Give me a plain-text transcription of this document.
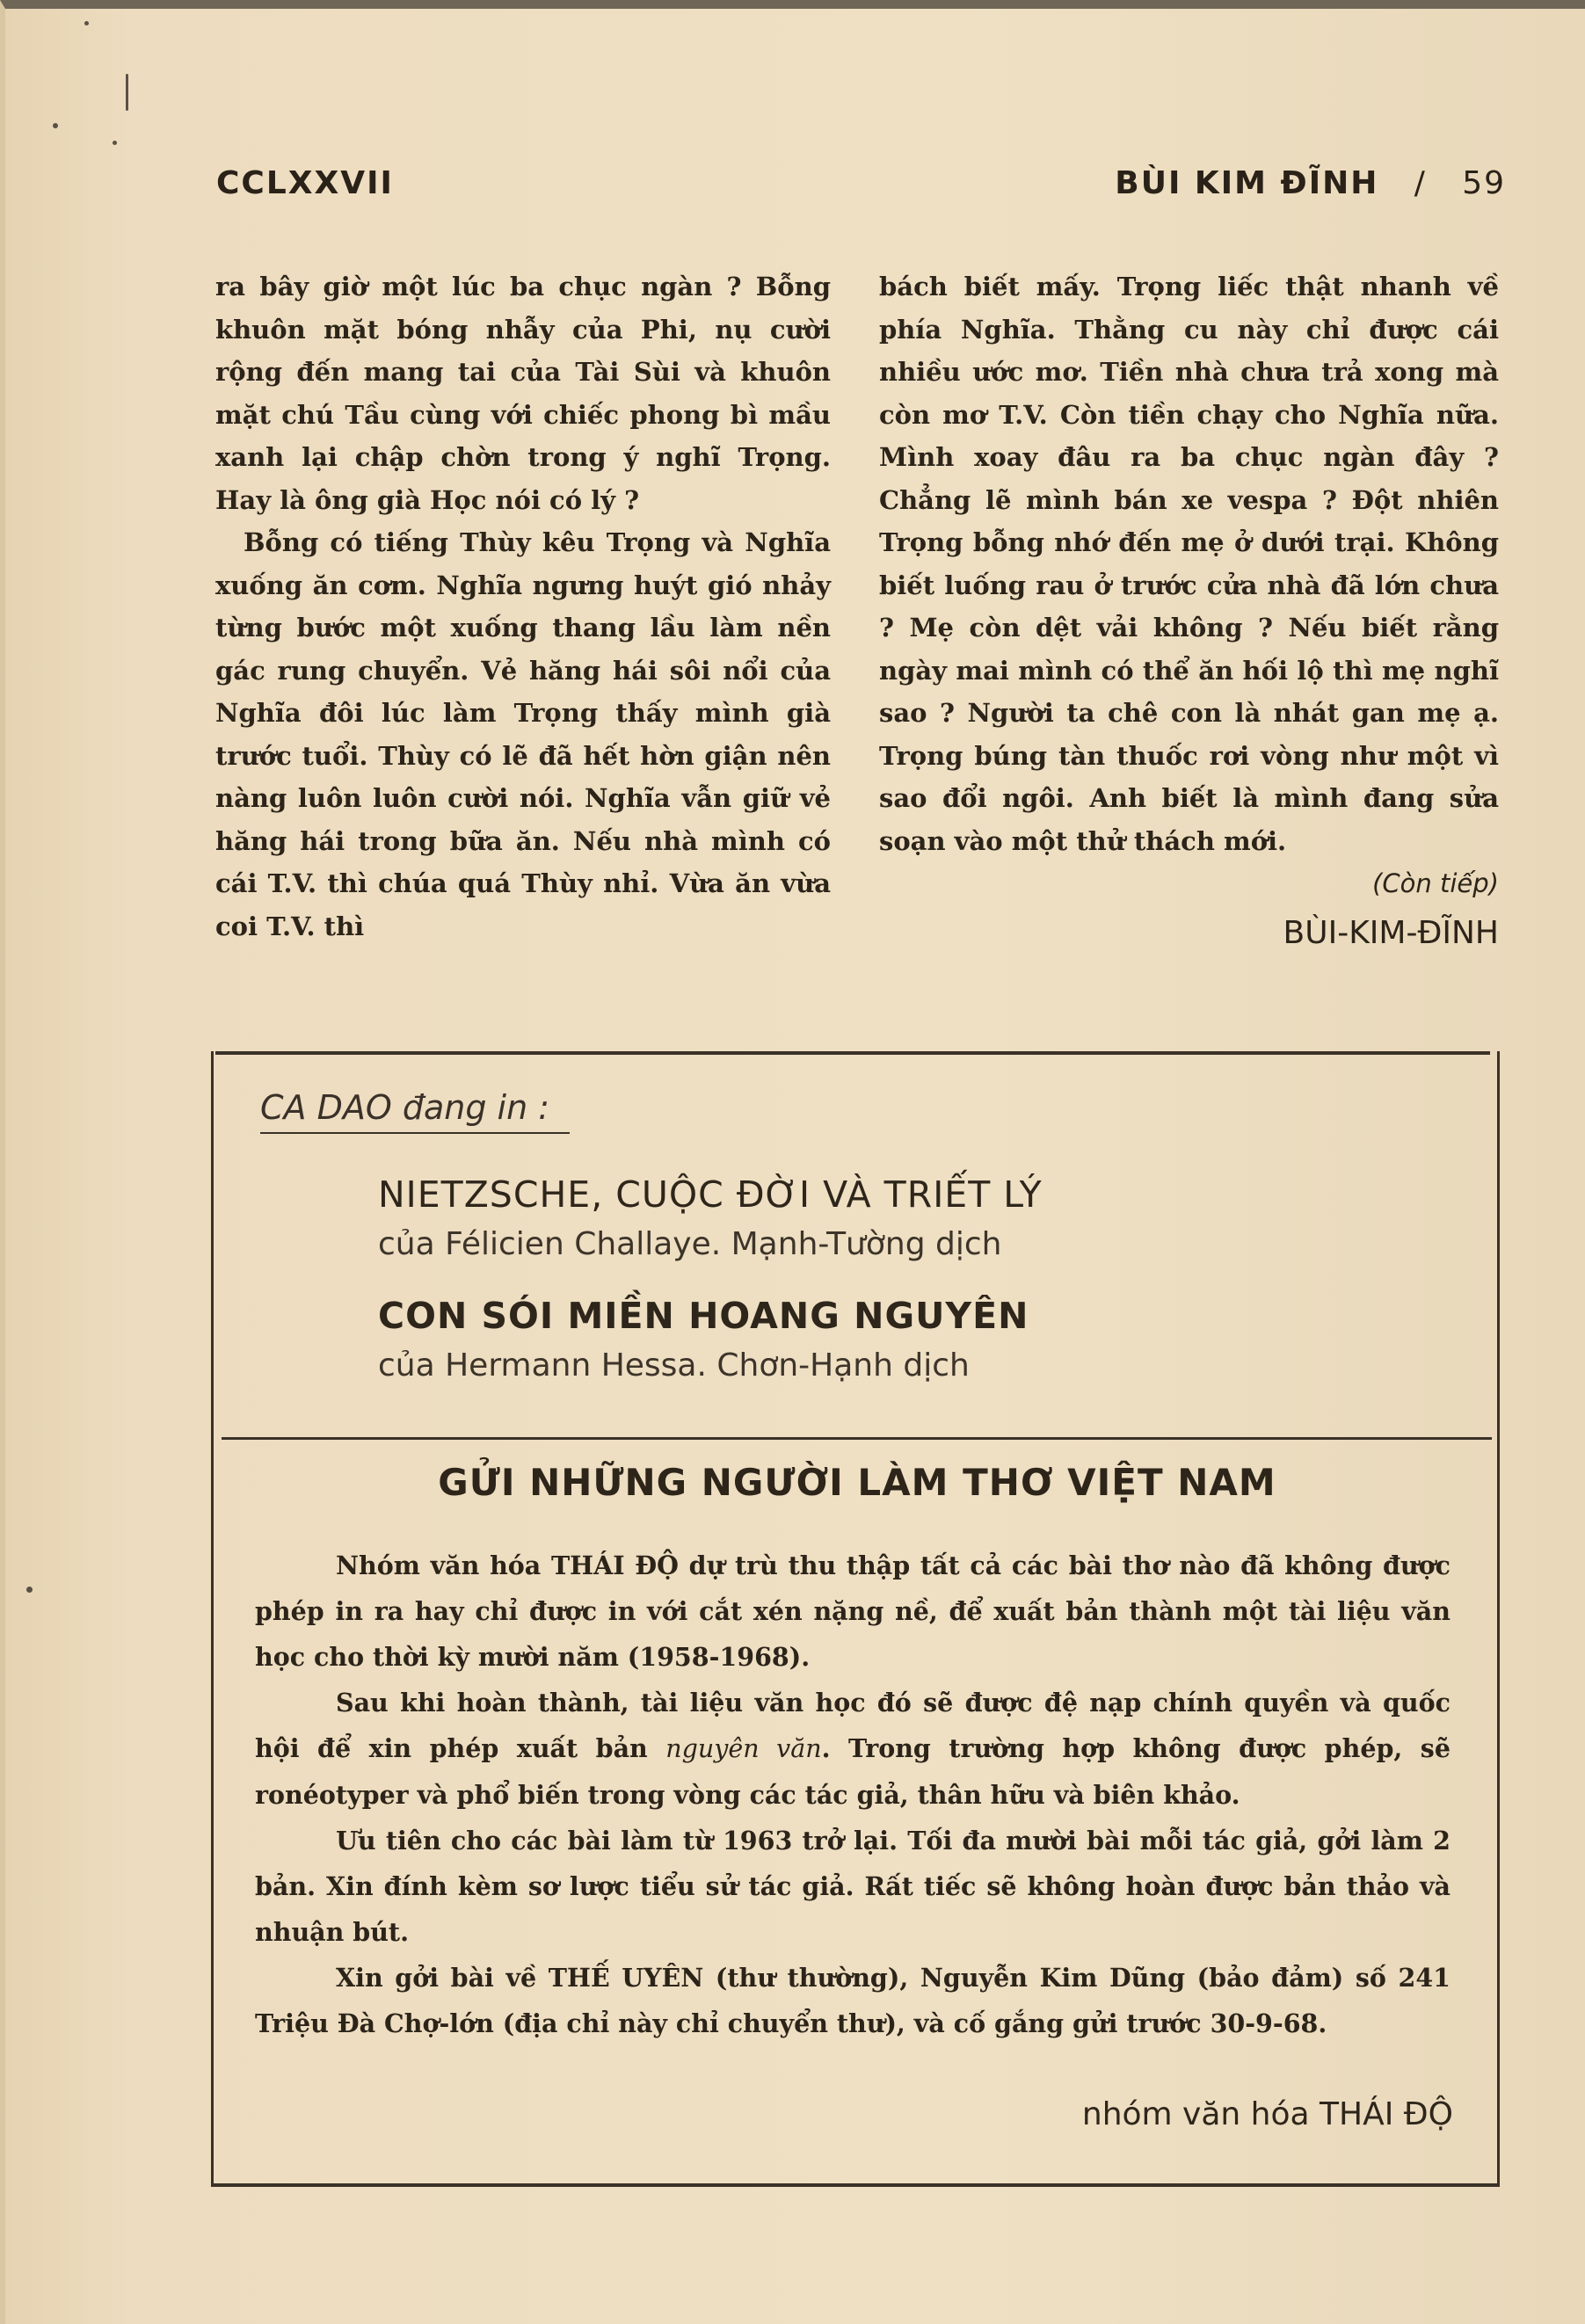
CCLXXVII	BÙI KIM ĐĨNH / 59

ra bây giờ một lúc ba chục ngàn ? Bỗng khuôn mặt bóng nhẫy của Phi, nụ cười rộng đến mang tai của Tài Sùi và khuôn mặt chú Tầu cùng với chiếc phong bì mầu xanh lại chập chờn trong ý nghĩ Trọng. Hay là ông già Học nói có lý ?

Bỗng có tiếng Thùy kêu Trọng và Nghĩa xuống ăn cơm. Nghĩa ngưng huýt gió nhảy từng bước một xuống thang lầu làm nền gác rung chuyển. Vẻ hăng hái sôi nổi của Nghĩa đôi lúc làm Trọng thấy mình già trước tuổi. Thùy có lẽ đã hết hờn giận nên nàng luôn luôn cười nói. Nghĩa vẫn giữ vẻ hăng hái trong bữa ăn. Nếu nhà mình có cái T.V. thì chúa quá Thùy nhỉ. Vừa ăn vừa coi T.V. thì

bách biết mấy. Trọng liếc thật nhanh về phía Nghĩa. Thằng cu này chỉ được cái nhiều ước mơ. Tiền nhà chưa trả xong mà còn mơ T.V. Còn tiền chạy cho Nghĩa nữa. Mình xoay đâu ra ba chục ngàn đây ? Chẳng lẽ mình bán xe vespa ? Đột nhiên Trọng bỗng nhớ đến mẹ ở dưới trại. Không biết luống rau ở trước cửa nhà đã lớn chưa ? Mẹ còn dệt vải không ? Nếu biết rằng ngày mai mình có thể ăn hối lộ thì mẹ nghĩ sao ? Người ta chê con là nhát gan mẹ ạ. Trọng búng tàn thuốc rơi vòng như một vì sao đổi ngôi. Anh biết là mình đang sửa soạn vào một thử thách mới.

(Còn tiếp)
BÙI-KIM-ĐĨNH
CA DAO đang in :
NIETZSCHE, CUỘC ĐỜI VÀ TRIẾT LÝ
của Félicien Challaye. Mạnh-Tường dịch
CON SÓI MIỀN HOANG NGUYÊN
của Hermann Hessa. Chơn-Hạnh dịch
GỬI NHỮNG NGƯỜI LÀM THƠ VIỆT NAM

Nhóm văn hóa THÁI ĐỘ dự trù thu thập tất cả các bài thơ nào đã không được phép in ra hay chỉ được in với cắt xén nặng nề, để xuất bản thành một tài liệu văn học cho thời kỳ mười năm (1958-1968).

Sau khi hoàn thành, tài liệu văn học đó sẽ được đệ nạp chính quyền và quốc hội để xin phép xuất bản nguyên văn. Trong trường hợp không được phép, sẽ ronéotyper và phổ biến trong vòng các tác giả, thân hữu và biên khảo.

Ưu tiên cho các bài làm từ 1963 trở lại. Tối đa mười bài mỗi tác giả, gởi làm 2 bản. Xin đính kèm sơ lược tiểu sử tác giả. Rất tiếc sẽ không hoàn được bản thảo và nhuận bút.

Xin gởi bài về THẾ UYÊN (thư thường), Nguyễn Kim Dũng (bảo đảm) số 241 Triệu Đà Chợ-lớn (địa chỉ này chỉ chuyển thư), và cố gắng gửi trước 30-9-68.

nhóm văn hóa THÁI ĐỘ
